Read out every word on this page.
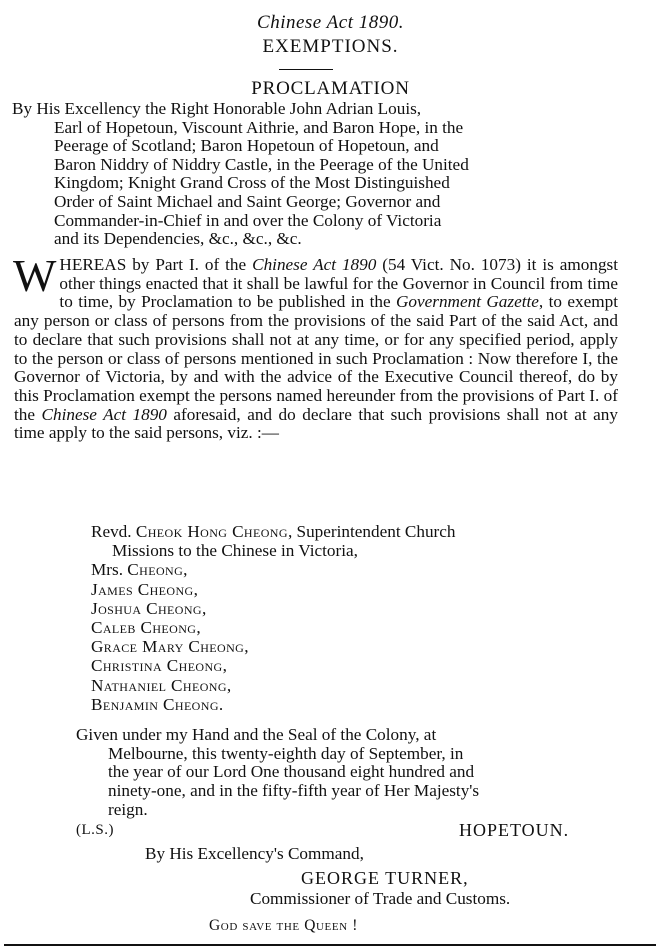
Chinese Act 1890.
EXEMPTIONS.
PROCLAMATION
By His Excellency the Right Honorable John Adrian Louis,
Earl of Hopetoun, Viscount Aithrie, and Baron Hope, in the
Peerage of Scotland; Baron Hopetoun of Hopetoun, and
Baron Niddry of Niddry Castle, in the Peerage of the United
Kingdom; Knight Grand Cross of the Most Distinguished
Order of Saint Michael and Saint George; Governor and
Commander-in-Chief in and over the Colony of Victoria
and its Dependencies, &c., &c., &c.
WHEREAS by Part I. of the Chinese Act 1890 (54 Vict. No. 1073) it is amongst other things enacted that it shall be lawful for the Governor in Council from time to time, by Proclamation to be published in the Government Gazette, to exempt any person or class of persons from the provisions of the said Part of the said Act, and to declare that such provisions shall not at any time, or for any specified period, apply to the person or class of persons mentioned in such Proclamation : Now therefore I, the Governor of Victoria, by and with the advice of the Executive Council thereof, do by this Proclamation exempt the persons named hereunder from the provisions of Part I. of the Chinese Act 1890 aforesaid, and do declare that such provisions shall not at any time apply to the said persons, viz. :—
Revd. Cheok Hong Cheong, Superintendent Church
Missions to the Chinese in Victoria,
Mrs. Cheong,
James Cheong,
Joshua Cheong,
Caleb Cheong,
Grace Mary Cheong,
Christina Cheong,
Nathaniel Cheong,
Benjamin Cheong.
Given under my Hand and the Seal of the Colony, at
Melbourne, this twenty-eighth day of September, in
the year of our Lord One thousand eight hundred and
ninety-one, and in the fifty-fifth year of Her Majesty's
reign.
(L.S.)	HOPETOUN.
By His Excellency's Command,
GEORGE TURNER,
Commissioner of Trade and Customs.
God save the Queen !
